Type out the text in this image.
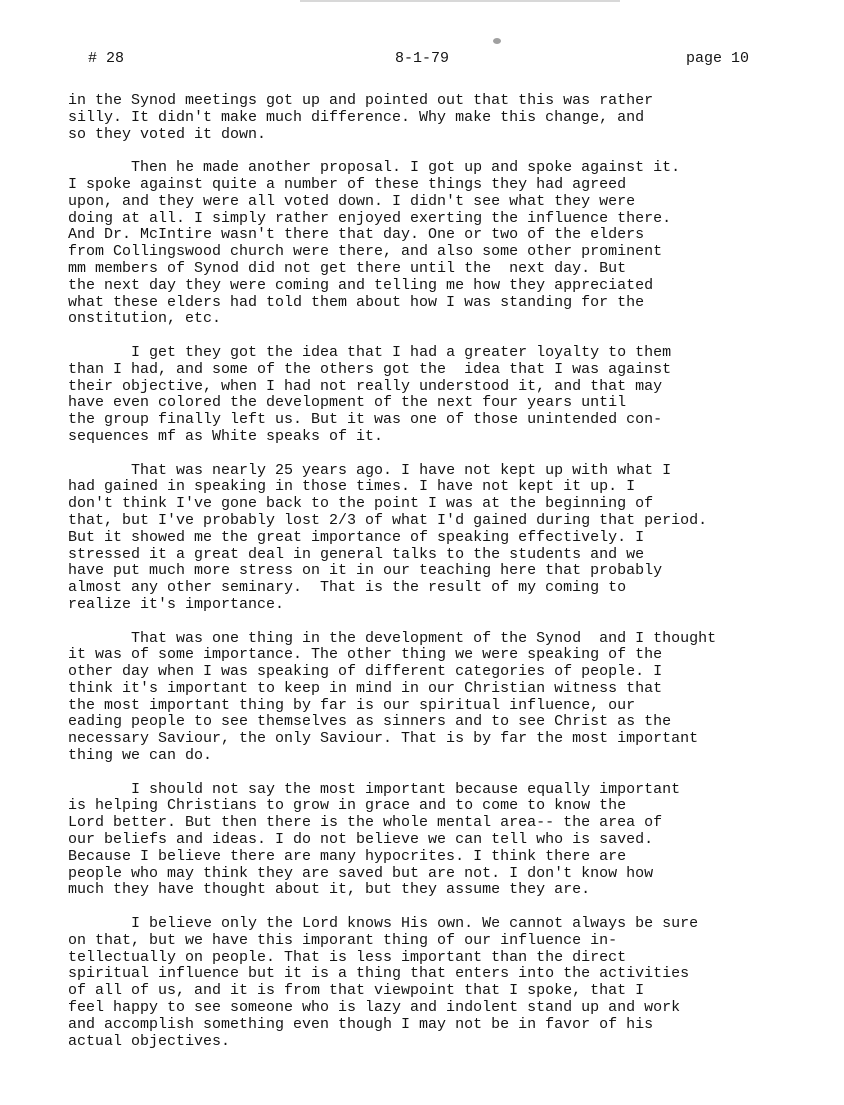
# 28	8-1-79	page 10

in the Synod meetings got up and pointed out that this was rather
silly. It didn't make much difference. Why make this change, and
so they voted it down.

Then he made another proposal. I got up and spoke against it.
I spoke against quite a number of these things they had agreed
upon, and they were all voted down. I didn't see what they were
doing at all. I simply rather enjoyed exerting the influence there.
And Dr. McIntire wasn't there that day. One or two of the elders
from Collingswood church were there, and also some other prominent
mm members of Synod did not get there until the  next day. But
the next day they were coming and telling me how they appreciated
what these elders had told them about how I was standing for the
onstitution, etc.

I get they got the idea that I had a greater loyalty to them
than I had, and some of the others got the  idea that I was against
their objective, when I had not really understood it, and that may
have even colored the development of the next four years until
the group finally left us. But it was one of those unintended con-
sequences mf as White speaks of it.

That was nearly 25 years ago. I have not kept up with what I
had gained in speaking in those times. I have not kept it up. I
don't think I've gone back to the point I was at the beginning of
that, but I've probably lost 2/3 of what I'd gained during that period.
But it showed me the great importance of speaking effectively. I
stressed it a great deal in general talks to the students and we
have put much more stress on it in our teaching here that probably
almost any other seminary.  That is the result of my coming to
realize it's importance.

That was one thing in the development of the Synod  and I thought
it was of some importance. The other thing we were speaking of the
other day when I was speaking of different categories of people. I
think it's important to keep in mind in our Christian witness that
the most important thing by far is our spiritual influence, our
eading people to see themselves as sinners and to see Christ as the
necessary Saviour, the only Saviour. That is by far the most important
thing we can do.

I should not say the most important because equally important
is helping Christians to grow in grace and to come to know the
Lord better. But then there is the whole mental area-- the area of
our beliefs and ideas. I do not believe we can tell who is saved.
Because I believe there are many hypocrites. I think there are
people who may think they are saved but are not. I don't know how
much they have thought about it, but they assume they are.

I believe only the Lord knows His own. We cannot always be sure
on that, but we have this imporant thing of our influence in-
tellectually on people. That is less important than the direct
spiritual influence but it is a thing that enters into the activities
of all of us, and it is from that viewpoint that I spoke, that I
feel happy to see someone who is lazy and indolent stand up and work
and accomplish something even though I may not be in favor of his
actual objectives.
